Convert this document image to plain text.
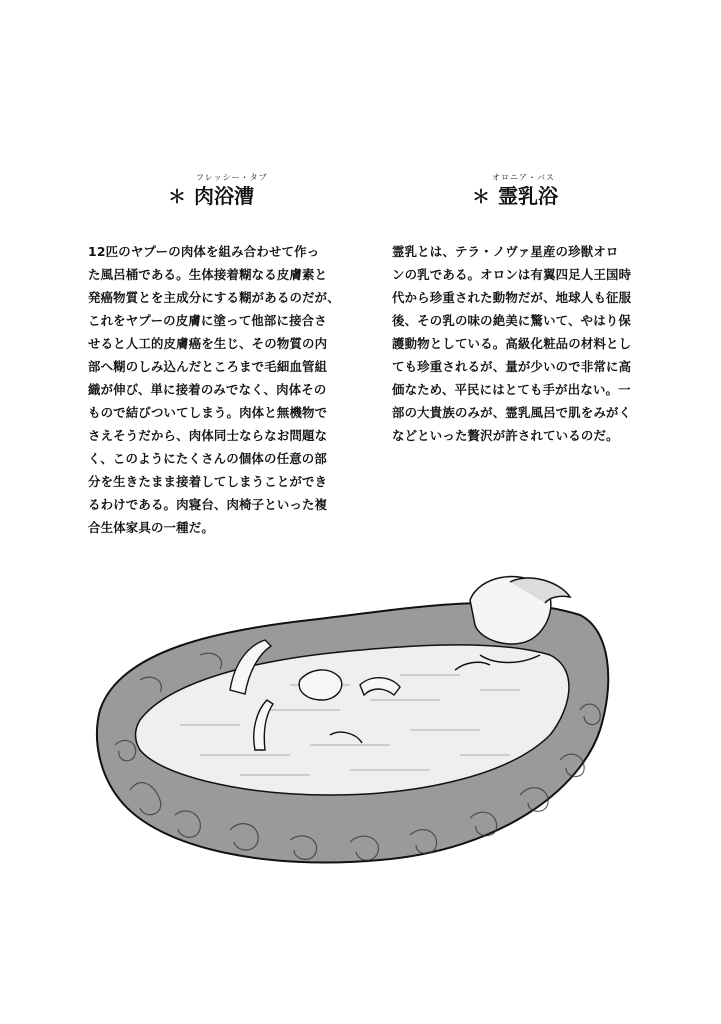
フレッシー・タブ
＊ 肉浴漕
12匹のヤプーの肉体を組み合わせて作っ
た風呂桶である。生体接着糊なる皮膚素と
発癌物質とを主成分にする糊があるのだが、
これをヤプーの皮膚に塗って他部に接合さ
せると人工的皮膚癌を生じ、その物質の内
部へ糊のしみ込んだところまで毛細血管組
織が伸び、単に接着のみでなく、肉体その
もので結びついてしまう。肉体と無機物で
さえそうだから、肉体同士ならなお問題な
く、このようにたくさんの個体の任意の部
分を生きたまま接着してしまうことができ
るわけである。肉寝台、肉椅子といった複
合生体家具の一種だ。
オロニア・バス
＊ 霊乳浴
霊乳とは、テラ・ノヴァ星産の珍獣オロ
ンの乳である。オロンは有翼四足人王国時
代から珍重された動物だが、地球人も征服
後、その乳の味の絶美に驚いて、やはり保
護動物としている。高級化粧品の材料とし
ても珍重されるが、量が少いので非常に高
価なため、平民にはとても手が出ない。一
部の大貴族のみが、霊乳風呂で肌をみがく
などといった贅沢が許されているのだ。
